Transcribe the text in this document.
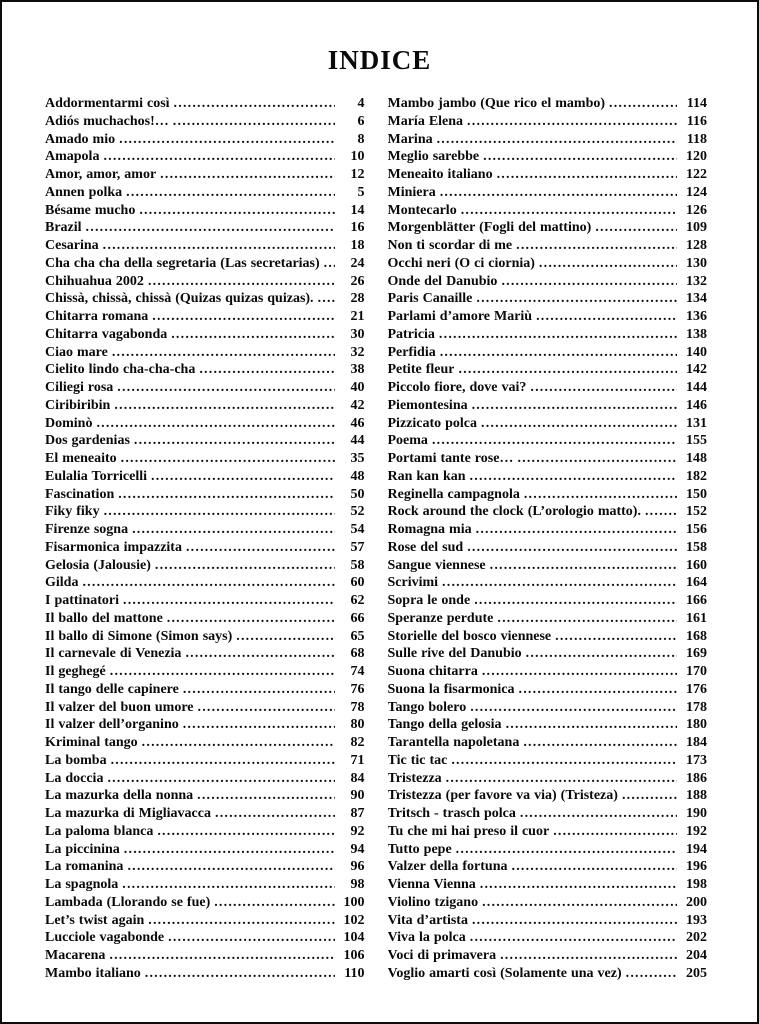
INDICE
Addormentarmi così .....	4
Adiós muchachos!… .....	6
Amado mio .....	8
Amapola .....	10
Amor, amor, amor .....	12
Annen polka .....	5
Bésame mucho .....	14
Brazil .....	16
Cesarina .....	18
Cha cha cha della segretaria (Las secretarias) .....	24
Chihuahua 2002 .....	26
Chissà, chissà, chissà (Quizas quizas quizas). .....	28
Chitarra romana .....	21
Chitarra vagabonda .....	30
Ciao mare .....	32
Cielito lindo cha-cha-cha .....	38
Ciliegi rosa .....	40
Ciribiribin .....	42
Dominò .....	46
Dos gardenias .....	44
El meneaito .....	35
Eulalia Torricelli .....	48
Fascination .....	50
Fiky fiky .....	52
Firenze sogna .....	54
Fisarmonica impazzita .....	57
Gelosia (Jalousie) .....	58
Gilda .....	60
I pattinatori .....	62
Il ballo del mattone .....	66
Il ballo di Simone (Simon says) .....	65
Il carnevale di Venezia .....	68
Il geghegé .....	74
Il tango delle capinere .....	76
Il valzer del buon umore .....	78
Il valzer dell’organino .....	80
Kriminal tango .....	82
La bomba .....	71
La doccia .....	84
La mazurka della nonna .....	90
La mazurka di Migliavacca .....	87
La paloma blanca .....	92
La piccinina .....	94
La romanina .....	96
La spagnola .....	98
Lambada (Llorando se fue) .....	100
Let’s twist again .....	102
Lucciole vagabonde .....	104
Macarena .....	106
Mambo italiano .....	110
Mambo jambo (Que rico el mambo) .....	114
María Elena .....	116
Marina .....	118
Meglio sarebbe .....	120
Meneaito italiano .....	122
Miniera .....	124
Montecarlo .....	126
Morgenblätter (Fogli del mattino) .....	109
Non ti scordar di me .....	128
Occhi neri (O ci ciornia) .....	130
Onde del Danubio .....	132
Paris Canaille .....	134
Parlami d’amore Mariù .....	136
Patricia .....	138
Perfidia .....	140
Petite fleur .....	142
Piccolo fiore, dove vai? .....	144
Piemontesina .....	146
Pizzicato polca .....	131
Poema .....	155
Portami tante rose… .....	148
Ran kan kan .....	182
Reginella campagnola .....	150
Rock around the clock (L’orologio matto). .....	152
Romagna mia .....	156
Rose del sud .....	158
Sangue viennese .....	160
Scrivimi .....	164
Sopra le onde .....	166
Speranze perdute .....	161
Storielle del bosco viennese .....	168
Sulle rive del Danubio .....	169
Suona chitarra .....	170
Suona la fisarmonica .....	176
Tango bolero .....	178
Tango della gelosia .....	180
Tarantella napoletana .....	184
Tic tic tac .....	173
Tristezza .....	186
Tristezza (per favore va via) (Tristeza) .....	188
Tritsch - trasch polca .....	190
Tu che mi hai preso il cuor .....	192
Tutto pepe .....	194
Valzer della fortuna .....	196
Vienna Vienna .....	198
Violino tzigano .....	200
Vita d’artista .....	193
Viva la polca .....	202
Voci di primavera .....	204
Voglio amarti così (Solamente una vez) .....	205
